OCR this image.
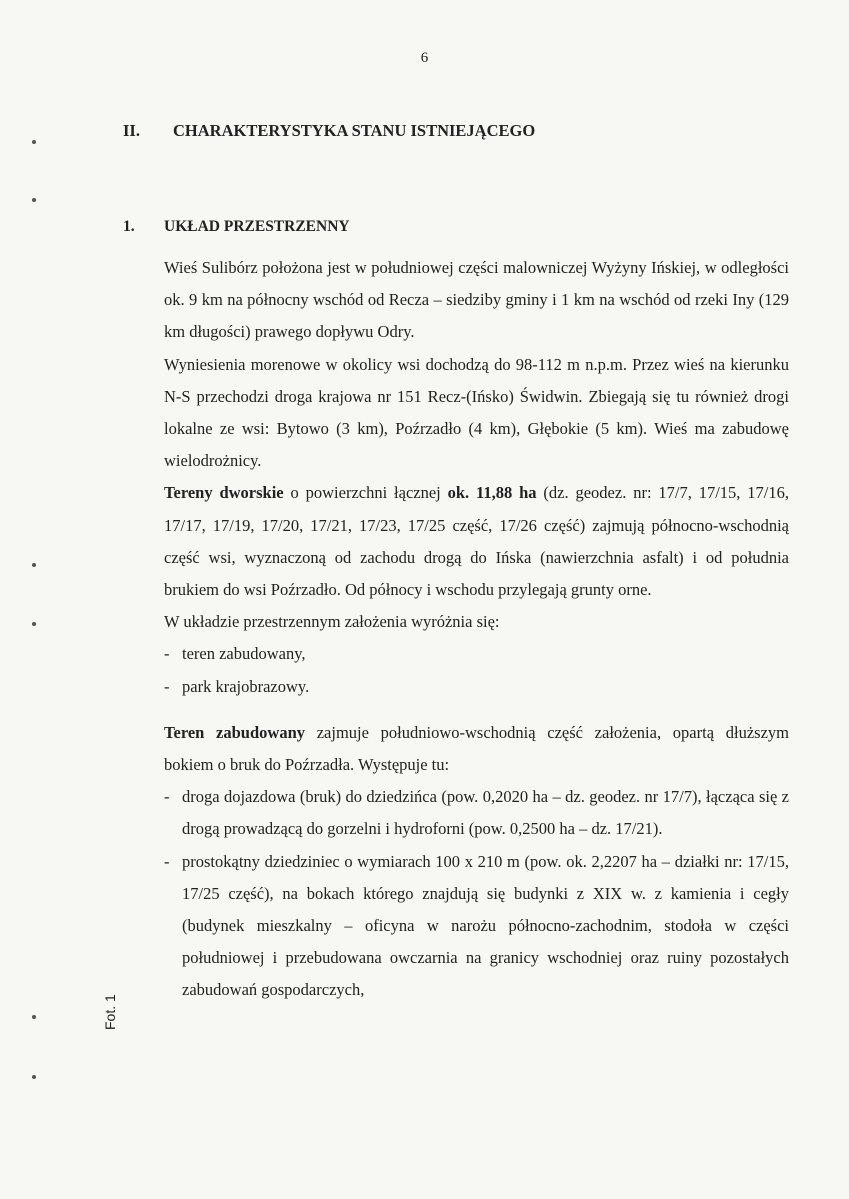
6
II. CHARAKTERYSTYKA STANU ISTNIEJĄCEGO
1. UKŁAD PRZESTRZENNY

Wieś Sulibórz położona jest w południowej części malowniczej Wyżyny Ińskiej, w odległości ok. 9 km na północny wschód od Recza – siedziby gminy i 1 km na wschód od rzeki Iny (129 km długości) prawego dopływu Odry.

Wyniesienia morenowe w okolicy wsi dochodzą do 98-112 m n.p.m. Przez wieś na kierunku N-S przechodzi droga krajowa nr 151 Recz-(Ińsko) Świdwin. Zbiegają się tu również drogi lokalne ze wsi: Bytowo (3 km), Poźrzadło (4 km), Głębokie (5 km). Wieś ma zabudowę wielodrożnicy.

Tereny dworskie o powierzchni łącznej ok. 11,88 ha (dz. geodez. nr: 17/7, 17/15, 17/16, 17/17, 17/19, 17/20, 17/21, 17/23, 17/25 część, 17/26 część) zajmują północno-wschodnią część wsi, wyznaczoną od zachodu drogą do Ińska (nawierzchnia asfalt) i od południa brukiem do wsi Poźrzadło. Od północy i wschodu przylegają grunty orne.

W układzie przestrzennym założenia wyróżnia się:

- teren zabudowany,
- park krajobrazowy.

Teren zabudowany zajmuje południowo-wschodnią część założenia, opartą dłuższym bokiem o bruk do Poźrzadła. Występuje tu:

- droga dojazdowa (bruk) do dziedzińca (pow. 0,2020 ha – dz. geodez. nr 17/7), łącząca się z drogą prowadzącą do gorzelni i hydroforni (pow. 0,2500 ha – dz. 17/21).
- prostokątny dziedziniec o wymiarach 100 x 210 m (pow. ok. 2,2207 ha – działki nr: 17/15, 17/25 część), na bokach którego znajdują się budynki z XIX w. z kamienia i cegły (budynek mieszkalny – oficyna w narożu północno-zachodnim, stodoła w części południowej i przebudowana owczarnia na granicy wschodniej oraz ruiny pozostałych zabudowań gospodarczych,
Fot. 1
